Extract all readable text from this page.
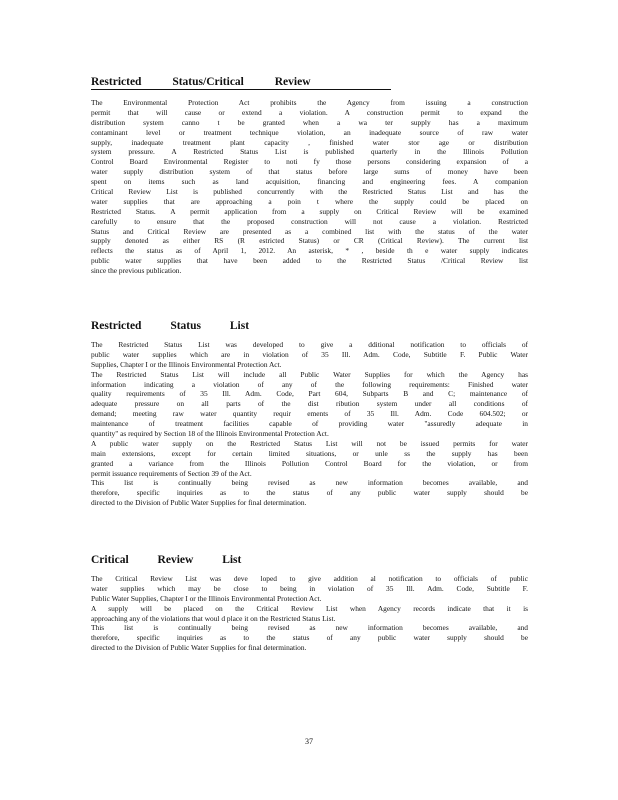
Restricted Status/Critical Review
The Environmental Protection Act prohibits the Agency from issuing a construction
permit that will cause or extend a violation. A construction permit to expand the
distribution system canno t be granted when a wa ter supply has a maximum
contaminant level or treatment technique violation, an inadequate source of raw water
supply, inadequate treatment plant capacity , finished water stor age or distribution
system pressure. A Restricted Status List is published quarterly in the Illinois Pollution
Control Board Environmental Register to noti fy those persons considering expansion of a
water supply distribution system of that status before large sums of money have been
spent on items such as land acquisition, financing and engineering fees. A companion
Critical Review List is published concurrently with the Restricted Status List and has the
water supplies that are approaching a poin t where the supply could be placed on
Restricted Status. A permit application from a supply on Critical Review will be examined
carefully to ensure that the proposed construction will not cause a violation. Restricted
Status and Critical Review are presented as a combined list with the status of the water
supply denoted as either RS (R estricted Status) or CR (Critical Review). The current list
reflects the status as of April 1, 2012. An asterisk, * , beside th e water supply indicates
public water supplies that have been added to the Restricted Status /Critical Review list
since the previous publication.
Restricted Status List
The Restricted Status List was developed to give a dditional notification to officials of
public water supplies which are in violation of 35 Ill. Adm. Code, Subtitle F. Public Water
Supplies, Chapter I or the Illinois Environmental Protection Act.
The Restricted Status List will include all Public Water Supplies for which the Agency has
information indicating a violation of any of the following requirements: Finished water
quality requirements of 35 Ill. Adm. Code, Part 604, Subparts B and C; maintenance of
adequate pressure on all parts of the dist ribution system under all conditions of
demand; meeting raw water quantity requir ements of 35 Ill. Adm. Code 604.502; or
maintenance of treatment facilities capable of providing water "assuredly adequate in
quantity" as required by Section 18 of the Illinois Environmental Protection Act.
A public water supply on the Restricted Status List will not be issued permits for water
main extensions, except for certain limited situations, or unle ss the supply has been
granted a variance from the Illinois Pollution Control Board for the violation, or from
permit issuance requirements of Section 39 of the Act.
This list is continually being revised as new information becomes available, and
therefore, specific inquiries as to the status of any public water supply should be
directed to the Division of Public Water Supplies for final determination.
Critical Review List
The Critical Review List was deve loped to give addition al notification to officials of public
water supplies which may be close to being in violation of 35 Ill. Adm. Code, Subtitle F.
Public Water Supplies, Chapter I or the Illinois Environmental Protection Act.
A supply will be placed on the Critical Review List when Agency records indicate that it is
approaching any of the violations that woul d place it on the Restricted Status List.
This list is continually being revised as new information becomes available, and
therefore, specific inquiries as to the status of any public water supply should be
directed to the Division of Public Water Supplies for final determination.
37
